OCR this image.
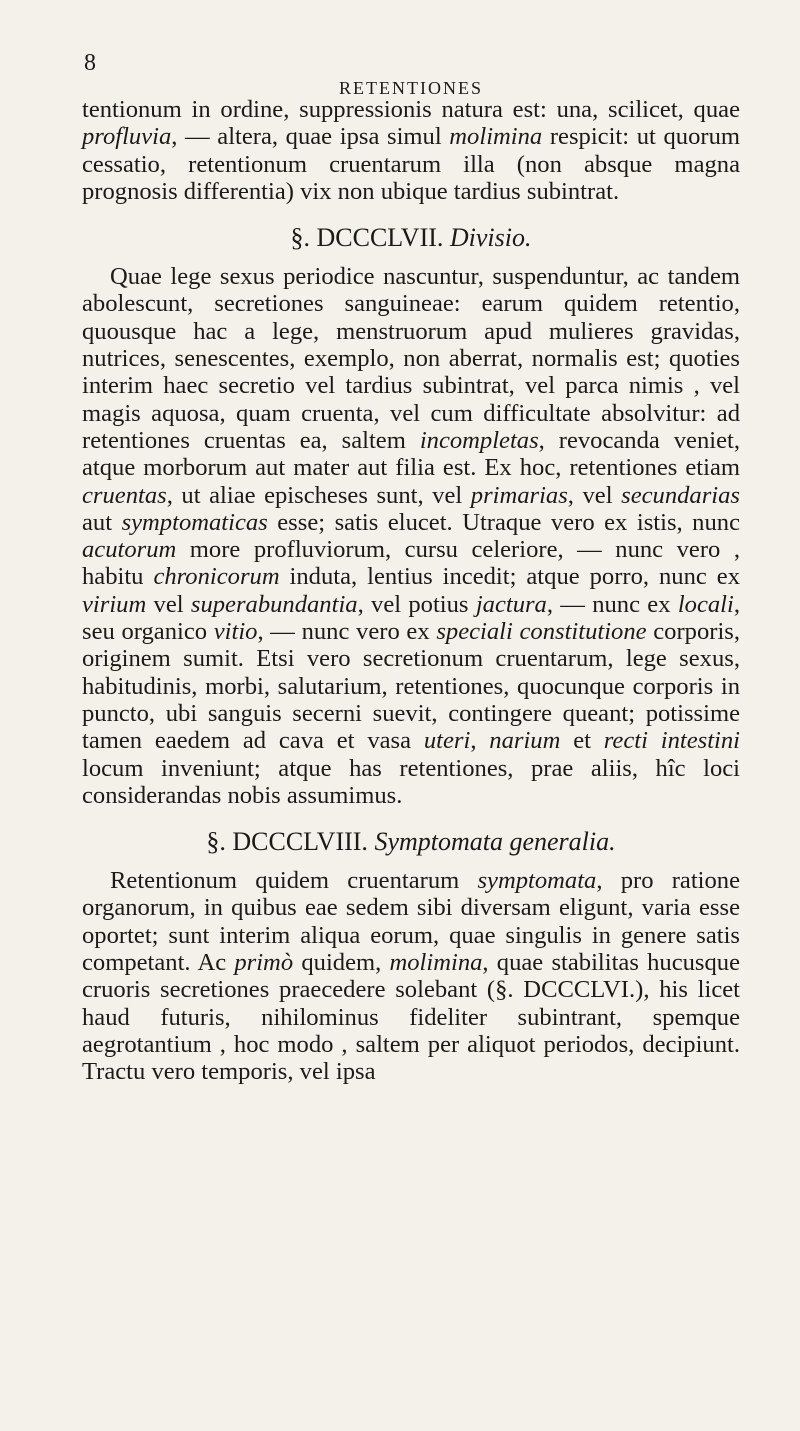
8
RETENTIONES

tentionum in ordine, suppressionis natura est: una, scilicet, quae profluvia, — altera, quae ipsa simul molimina respicit: ut quorum cessatio, retentionum cruentarum illa (non absque magna prognosis differentia) vix non ubique tardius subintrat.

§. DCCCLVII. Divisio.

Quae lege sexus periodice nascuntur, suspenduntur, ac tandem abolescunt, secretiones sanguineae: earum quidem retentio, quousque hac a lege, menstruorum apud mulieres gravidas, nutrices, senescentes, exemplo, non aberrat, normalis est; quoties interim haec secretio vel tardius subintrat, vel parca nimis , vel magis aquosa, quam cruenta, vel cum difficultate absolvitur: ad retentiones cruentas ea, saltem incompletas, revocanda veniet, atque morborum aut mater aut filia est. Ex hoc, retentiones etiam cruentas, ut aliae epischeses sunt, vel primarias, vel secundarias aut symptomaticas esse; satis elucet. Utraque vero ex istis, nunc acutorum more profluviorum, cursu celeriore, — nunc vero , habitu chronicorum induta, lentius incedit; atque porro, nunc ex virium vel superabundantia, vel potius jactura, — nunc ex locali, seu organico vitio, — nunc vero ex speciali constitutione corporis, originem sumit. Etsi vero secretionum cruentarum, lege sexus, habitudinis, morbi, salutarium, retentiones, quocunque corporis in puncto, ubi sanguis secerni suevit, contingere queant; potissime tamen eaedem ad cava et vasa uteri, narium et recti intestini locum inveniunt; atque has retentiones, prae aliis, hîc loci considerandas nobis assumimus.

§. DCCCLVIII. Symptomata generalia.

Retentionum quidem cruentarum symptomata, pro ratione organorum, in quibus eae sedem sibi diversam eligunt, varia esse oportet; sunt interim aliqua eorum, quae singulis in genere satis competant. Ac primò quidem, molimina, quae stabilitas hucusque cruoris secretiones praecedere solebant (§. DCCCLVI.), his licet haud futuris, nihilominus fideliter subintrant, spemque aegrotantium , hoc modo , saltem per aliquot periodos, decipiunt. Tractu vero temporis, vel ipsa
